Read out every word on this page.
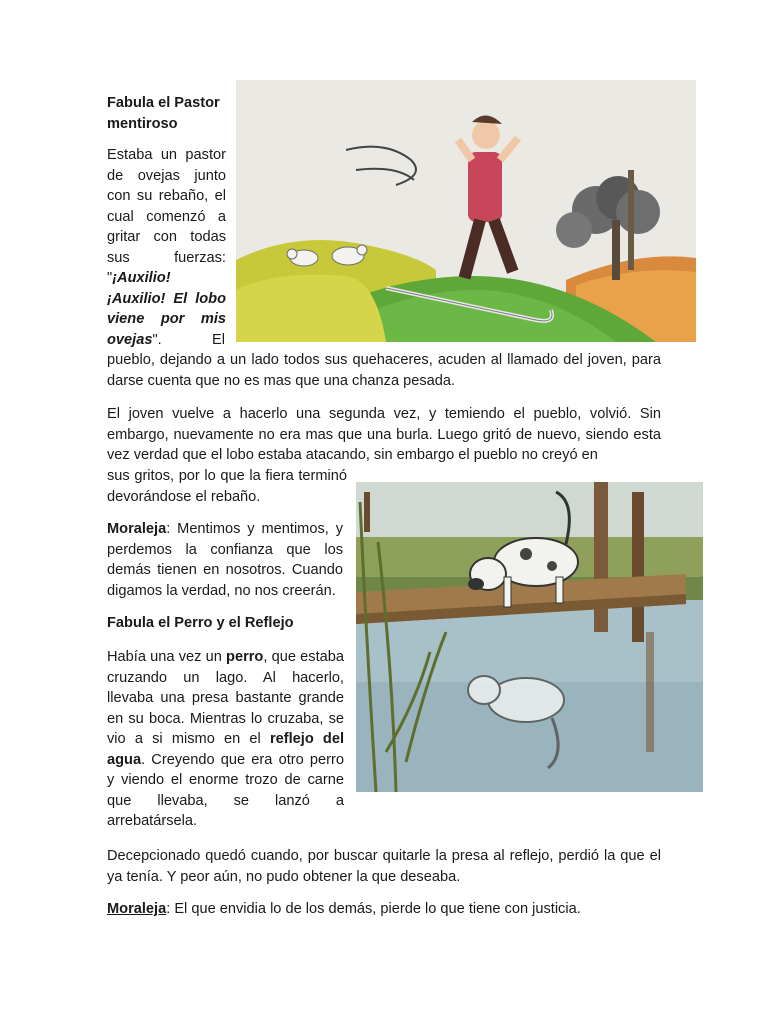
Fabula el Pastor mentiroso
Estaba un pastor de ovejas junto con su rebaño, el cual comenzó a gritar con todas sus fuerzas: "¡Auxilio! ¡Auxilio! El lobo viene por mis ovejas".	El
pueblo, dejando a un lado todos sus quehaceres, acuden al llamado del joven, para darse cuenta que no es mas que una chanza pesada.
El joven vuelve a hacerlo una segunda vez, y temiendo el pueblo, volvió. Sin embargo, nuevamente no era mas que una burla. Luego gritó de nuevo, siendo esta vez verdad que el lobo estaba atacando, sin embargo el pueblo no creyó en
sus gritos, por lo que la fiera terminó devorándose el rebaño.
Moraleja: Mentimos y mentimos, y perdemos la confianza que los demás tienen en nosotros. Cuando digamos la verdad, no nos creerán.
Fabula el Perro y el Reflejo
Había una vez un perro, que estaba cruzando un lago. Al hacerlo, llevaba una presa bastante grande en su boca. Mientras lo cruzaba, se vio a si mismo en el reflejo del agua. Creyendo que era otro perro y viendo el enorme trozo de carne que llevaba, se lanzó a arrebatársela.
Decepcionado quedó cuando, por buscar quitarle la presa al reflejo, perdió la que el ya tenía. Y peor aún, no pudo obtener la que deseaba.
Moraleja: El que envidia lo de los demás, pierde lo que tiene con justicia.
